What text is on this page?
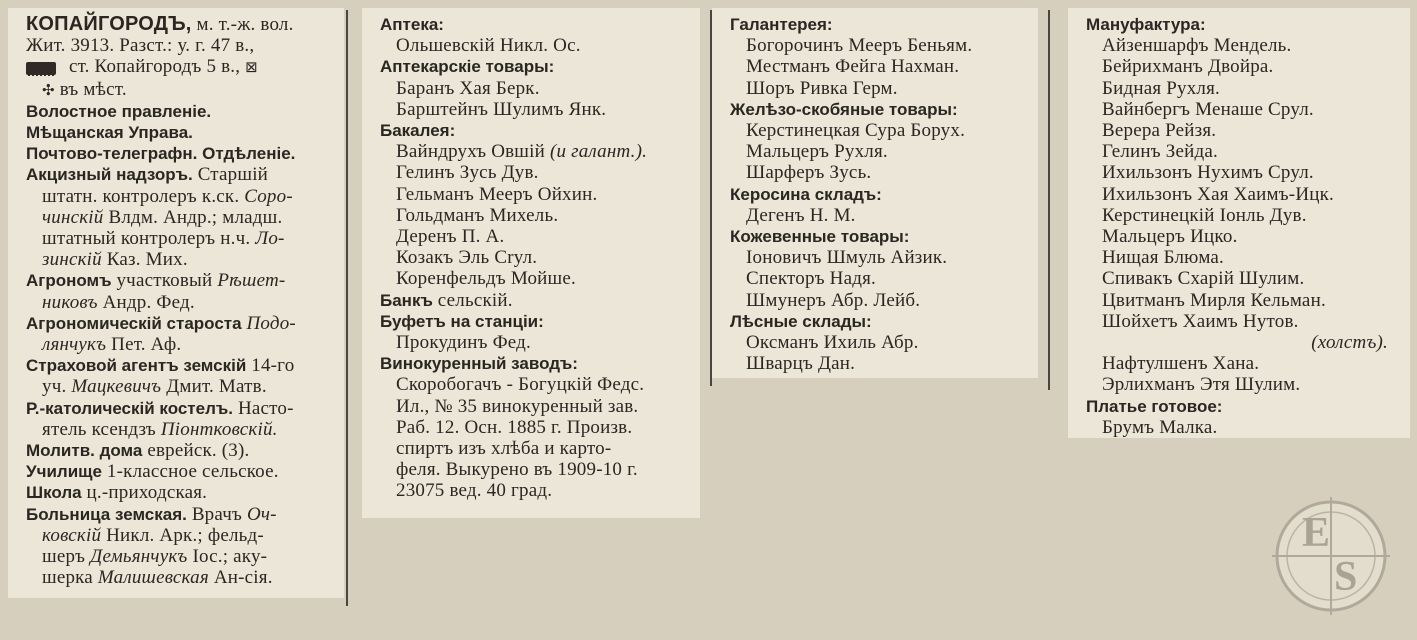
КОПАЙГОРОДЪ, м. т.-ж. вол.
Жит. 3913. Разст.: у. г. 47 в.,
ст. Копайгородъ 5 в., ⊠
✣ въ мѣст.
Волостное правленіе.
Мѣщанская Управа.
Почтово-телеграфн. Отдѣленіе.
Акцизный надзоръ. Старшій
штатн. контролеръ к.ск. Соро-
чинскій Влдм. Андр.; младш.
штатный контролеръ н.ч. Ло-
зинскій Каз. Мих.
Агрономъ участковый Рѣшет-
никовъ Андр. Фед.
Агрономическій староста Подо-
лянчукъ Пет. Аф.
Страховой агентъ земскій 14-го
уч. Мацкевичъ Дмит. Матв.
Р.-католическій костелъ. Насто-
ятель ксендзъ Піонтковскій.
Молитв. дома еврейск. (3).
Училище 1-классное сельское.
Школа ц.-приходская.
Больница земская. Врачъ Оч-
ковскій Никл. Арк.; фельд-
шеръ Демьянчукъ Іос.; аку-
шерка Малишевская Ан-сія.
Аптека:
Ольшевскій Никл. Ос.
Аптекарскіе товары:
Баранъ Хая Берк.
Барштейнъ Шулимъ Янк.
Бакалея:
Вайндрухъ Овшій (и галант.).
Гелинъ Зусь Дув.
Гельманъ Мееръ Ойхин.
Гольдманъ Михель.
Деренъ П. А.
Козакъ Эль Сrул.
Коренфельдъ Мойше.
Банкъ сельскій.
Буфетъ на станціи:
Прокудинъ Фед.
Винокуренный заводъ:
Скоробогачъ - Богуцкій Федс.
Ил., № 35 винокуренный зав.
Раб. 12. Осн. 1885 г. Произв.
спиртъ изъ хлѣба и карто-
феля. Выкурено въ 1909-10 г.
23075 вед. 40 град.
Галантерея:
Богорочинъ Мееръ Беньям.
Местманъ Фейга Нахман.
Шоръ Ривка Герм.
Желѣзо-скобяные товары:
Керстинецкая Сура Борух.
Мальцеръ Рухля.
Шарферъ Зусь.
Керосина складъ:
Дегенъ Н. М.
Кожевенные товары:
Іоновичъ Шмуль Айзик.
Спекторъ Надя.
Шмунеръ Абр. Лейб.
Лѣсные склады:
Оксманъ Ихиль Абр.
Шварцъ Дан.
Мануфактура:
Айзеншарфъ Мендель.
Бейрихманъ Двойра.
Бидная Рухля.
Вайнбергъ Менаше Срул.
Верера Рейзя.
Гелинъ Зейда.
Ихильзонъ Нухимъ Срул.
Ихильзонъ Хая Хаимъ-Ицк.
Керстинецкій Іонль Дув.
Мальцеръ Ицко.
Нищая Блюма.
Спивакъ Схарій Шулим.
Цвитманъ Мирля Кельман.
Шойхетъ Хаимъ Нутов.
(холстъ).
Нафтулшенъ Хана.
Эрлихманъ Этя Шулим.
Платье готовое:
Брумъ Малка.
E
S
